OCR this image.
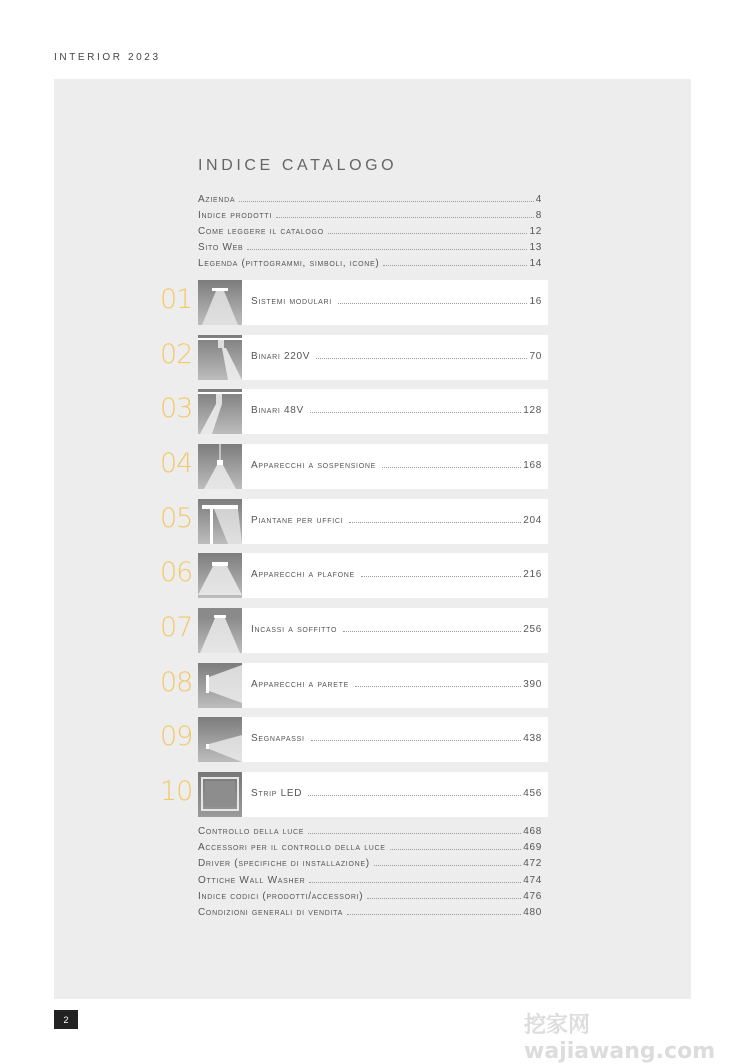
INTERIOR 2023
INDICE CATALOGO
Azienda	4
Indice prodotti	8
Come leggere il catalogo	12
Sito Web	13
Legenda (pittogrammi, simboli, icone)	14
01	Sistemi modulari	16
02	Binari 220V	70
03	Binari 48V	128
04	Apparecchi a sospensione	168
05	Piantane per uffici	204
06	Apparecchi a plafone	216
07	Incassi a soffitto	256
08	Apparecchi a parete	390
09	Segnapassi	438
10	Strip LED	456
Controllo della luce	468
Accessori per il controllo della luce	469
Driver (specifiche di installazione)	472
Ottiche Wall Washer	474
Indice codici (prodotti/accessori)	476
Condizioni generali di vendita	480
2	挖家网 wajiawang.com
